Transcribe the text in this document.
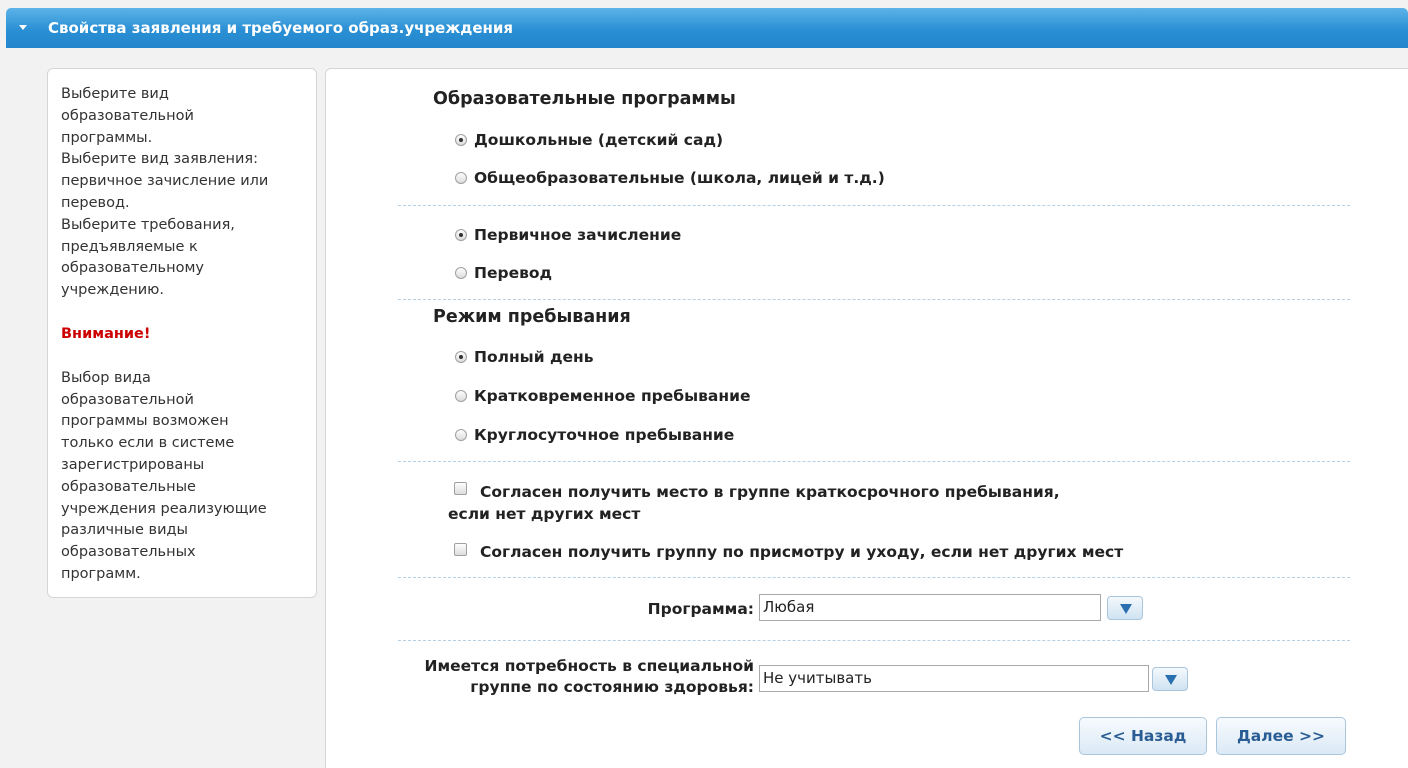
Свойства заявления и требуемого образ.учреждения

Выберите вид

образовательной

программы.

Выберите вид заявления:

первичное зачисление или

перевод.

Выберите требования,

предъявляемые к

образовательному

учреждению.

Внимание!

Выбор вида

образовательной

программы возможен

только если в системе

зарегистрированы

образовательные

учреждения реализующие

различные виды

образовательных

программ.

Образовательные программы
Дошкольные (детский сад)
Общеобразовательные (школа, лицей и т.д.)
Первичное зачисление
Перевод
Режим пребывания
Полный день
Кратковременное пребывание
Круглосуточное пребывание
Согласен получить место в группе краткосрочного пребывания,
если нет других мест
Согласен получить группу по присмотру и уходу, если нет других мест
Программа: Любая
Имеется потребность в специальной
группе по состоянию здоровья: Не учитывать
<< Назад	Далее >>
